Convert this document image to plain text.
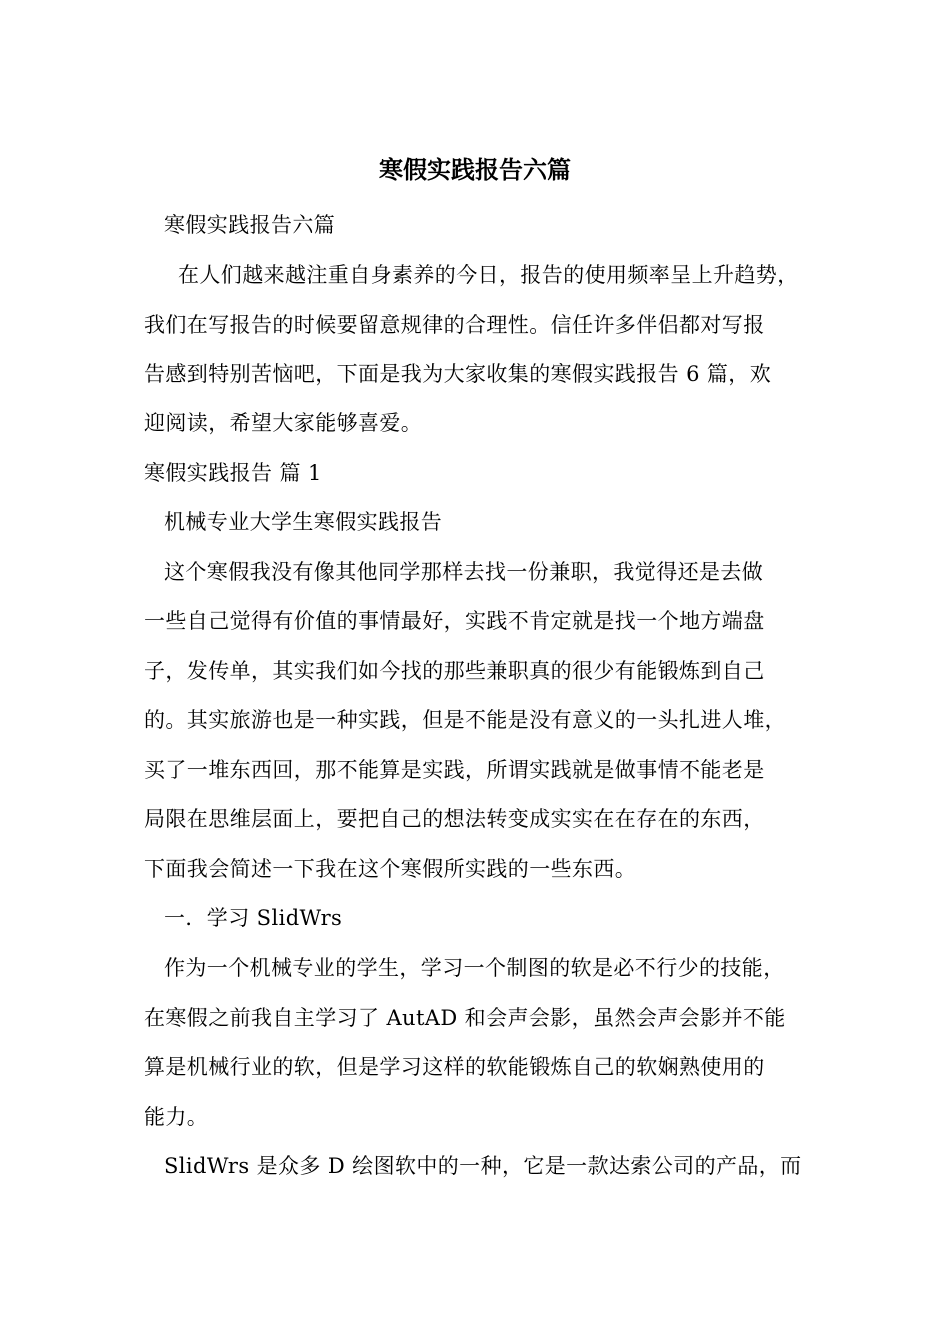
寒假实践报告六篇
寒假实践报告六篇
在人们越来越注重自身素养的今日，报告的使用频率呈上升趋势，
我们在写报告的时候要留意规律的合理性。信任许多伴侣都对写报
告感到特别苦恼吧，下面是我为大家收集的寒假实践报告 6 篇，欢
迎阅读，希望大家能够喜爱。
寒假实践报告 篇 1
机械专业大学生寒假实践报告
这个寒假我没有像其他同学那样去找一份兼职，我觉得还是去做
一些自己觉得有价值的事情最好，实践不肯定就是找一个地方端盘
子，发传单，其实我们如今找的那些兼职真的很少有能锻炼到自己
的。其实旅游也是一种实践，但是不能是没有意义的一头扎进人堆，
买了一堆东西回，那不能算是实践，所谓实践就是做事情不能老是
局限在思维层面上，要把自己的想法转变成实实在在存在的东西，
下面我会简述一下我在这个寒假所实践的一些东西。
一．学习 SlidWrs
作为一个机械专业的学生，学习一个制图的软是必不行少的技能，
在寒假之前我自主学习了 AutAD 和会声会影，虽然会声会影并不能
算是机械行业的软，但是学习这样的软能锻炼自己的软娴熟使用的
能力。
SlidWrs 是众多 D 绘图软中的一种，它是一款达索公司的产品，而
